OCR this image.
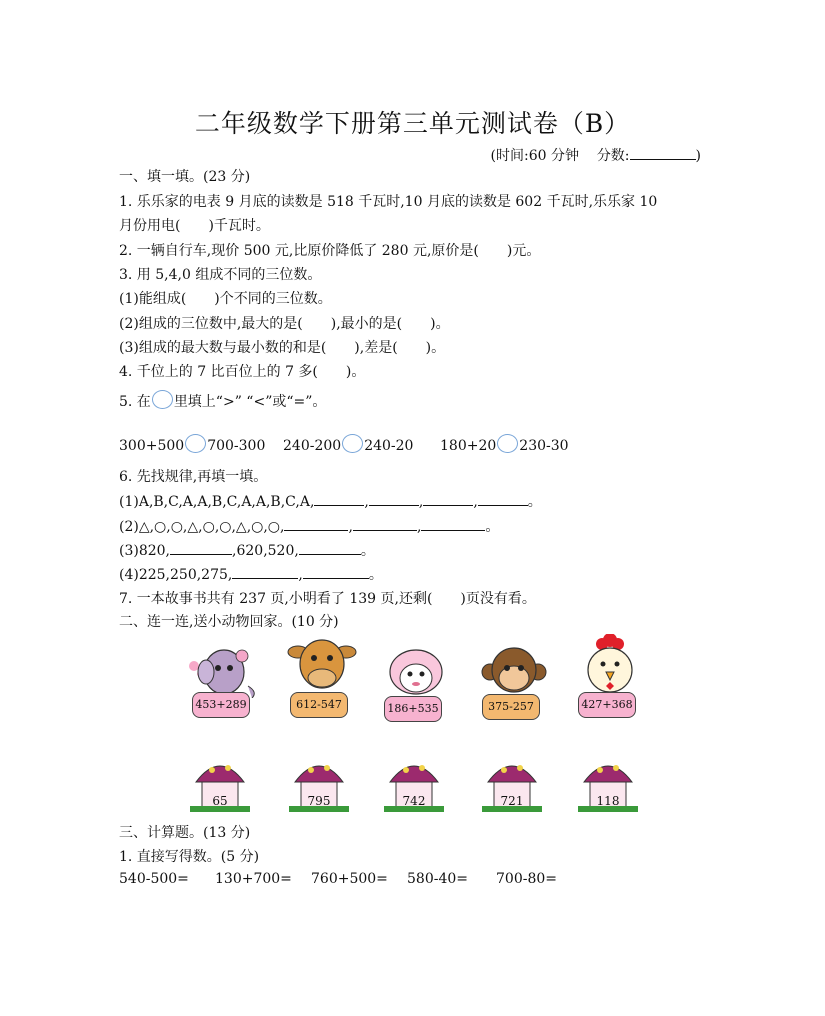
二年级数学下册第三单元测试卷（B）
(时间:60 分钟 分数:	)
一、填一填。(23 分)
1. 乐乐家的电表 9 月底的读数是 518 千瓦时,10 月底的读数是 602 千瓦时,乐乐家 10
月份用电(　　)千瓦时。
2. 一辆自行车,现价 500 元,比原价降低了 280 元,原价是(　　)元。
3. 用 5,4,0 组成不同的三位数。
(1)能组成(　　)个不同的三位数。
(2)组成的三位数中,最大的是(　　),最小的是(　　)。
(3)组成的最大数与最小数的和是(　　),差是(　　)。
4. 千位上的 7 比百位上的 7 多(　　)。
5. 在 里填上“>” “<”或“=”。
300+500 700-300 240-200 240-20 180+20 230-30
6. 先找规律,再填一填。
(1)A,B,C,A,A,B,C,A,A,B,C,A,	,	,	,	。
(2)△,○,○,△,○,○,△,○,○,	,	,	。
(3)820,	,620,520,	。
(4)225,250,275,	,	。
7. 一本故事书共有 237 页,小明看了 139 页,还剩(　　)页没有看。
二、连一连,送小动物回家。(10 分)
453+289	612-547	186+535	375-257	427+368
65	795	742	721	118
三、计算题。(13 分)
1. 直接写得数。(5 分)
540-500= 130+700= 760+500= 580-40= 700-80=
